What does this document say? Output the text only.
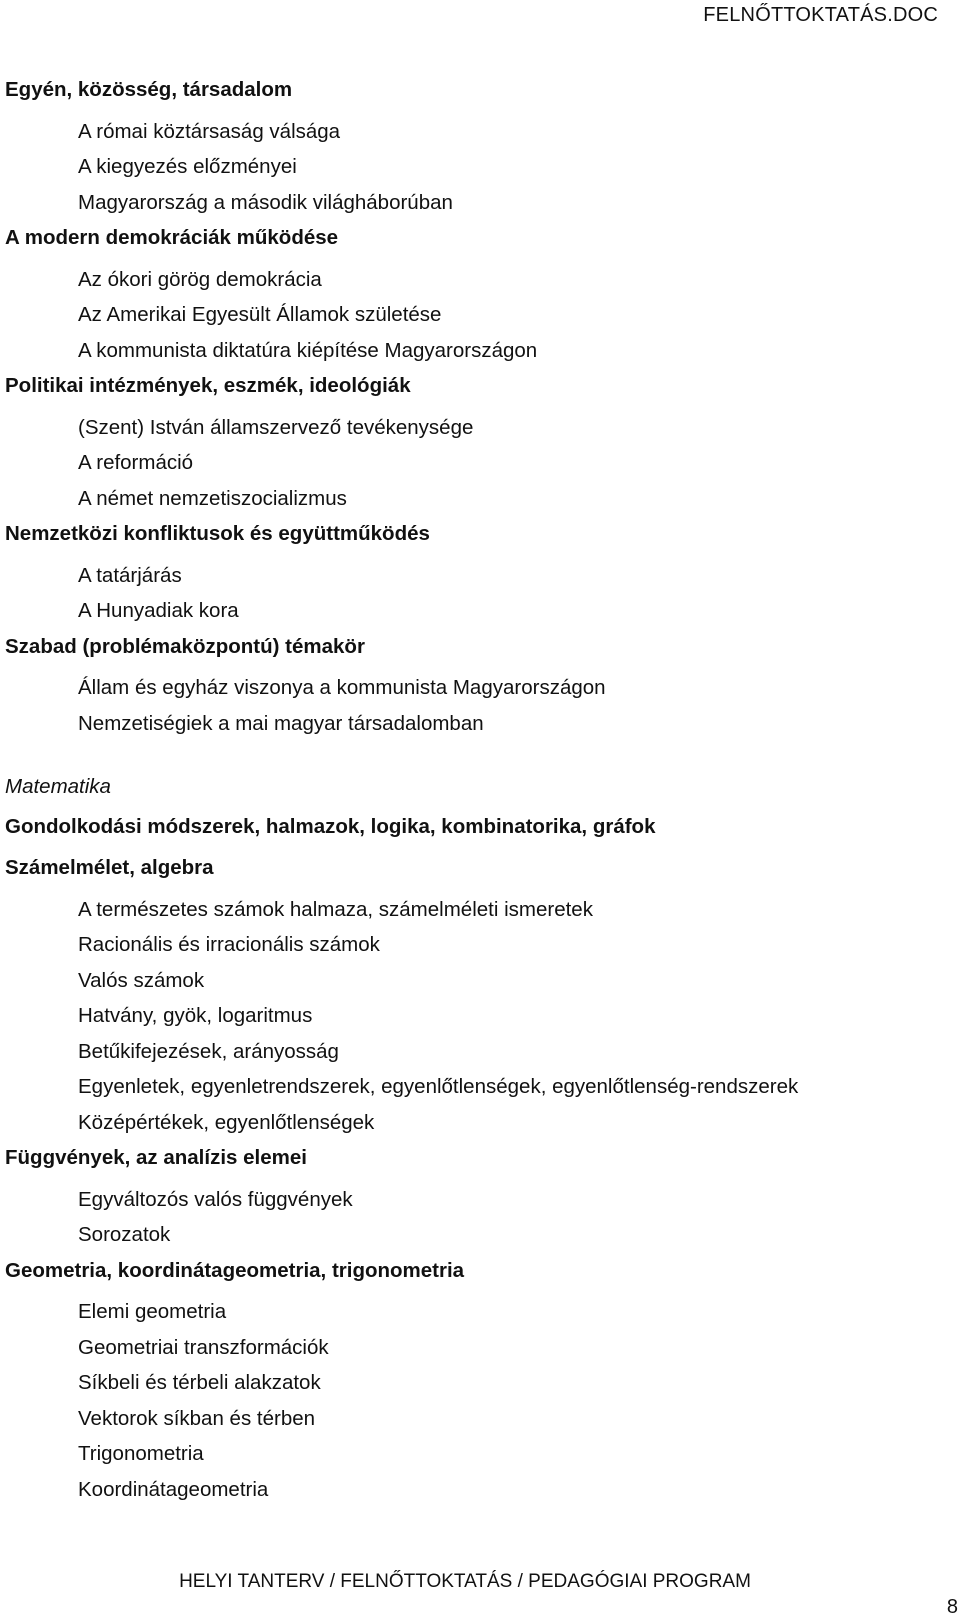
FELNŐTTOKTATÁS.DOC
Egyén, közösség, társadalom
A római köztársaság válsága
A kiegyezés előzményei
Magyarország a második világháborúban
A modern demokráciák működése
Az ókori görög demokrácia
Az Amerikai Egyesült Államok születése
A kommunista diktatúra kiépítése Magyarországon
Politikai intézmények, eszmék, ideológiák
(Szent) István államszervező tevékenysége
A reformáció
A német nemzetiszocializmus
Nemzetközi konfliktusok és együttműködés
A tatárjárás
A Hunyadiak kora
Szabad (problémaközpontú) témakör
Állam és egyház viszonya a kommunista Magyarországon
Nemzetiségiek a mai magyar társadalomban
Matematika
Gondolkodási módszerek, halmazok, logika, kombinatorika, gráfok
Számelmélet, algebra
A természetes számok halmaza, számelméleti ismeretek
Racionális és irracionális számok
Valós számok
Hatvány, gyök, logaritmus
Betűkifejezések, arányosság
Egyenletek, egyenletrendszerek, egyenlőtlenségek, egyenlőtlenség-rendszerek
Középértékek, egyenlőtlenségek
Függvények, az analízis elemei
Egyváltozós valós függvények
Sorozatok
Geometria, koordinátageometria, trigonometria
Elemi geometria
Geometriai transzformációk
Síkbeli és térbeli alakzatok
Vektorok síkban és térben
Trigonometria
Koordinátageometria
HELYI TANTERV / FELNŐTTOKTATÁS / PEDAGÓGIAI PROGRAM
8
